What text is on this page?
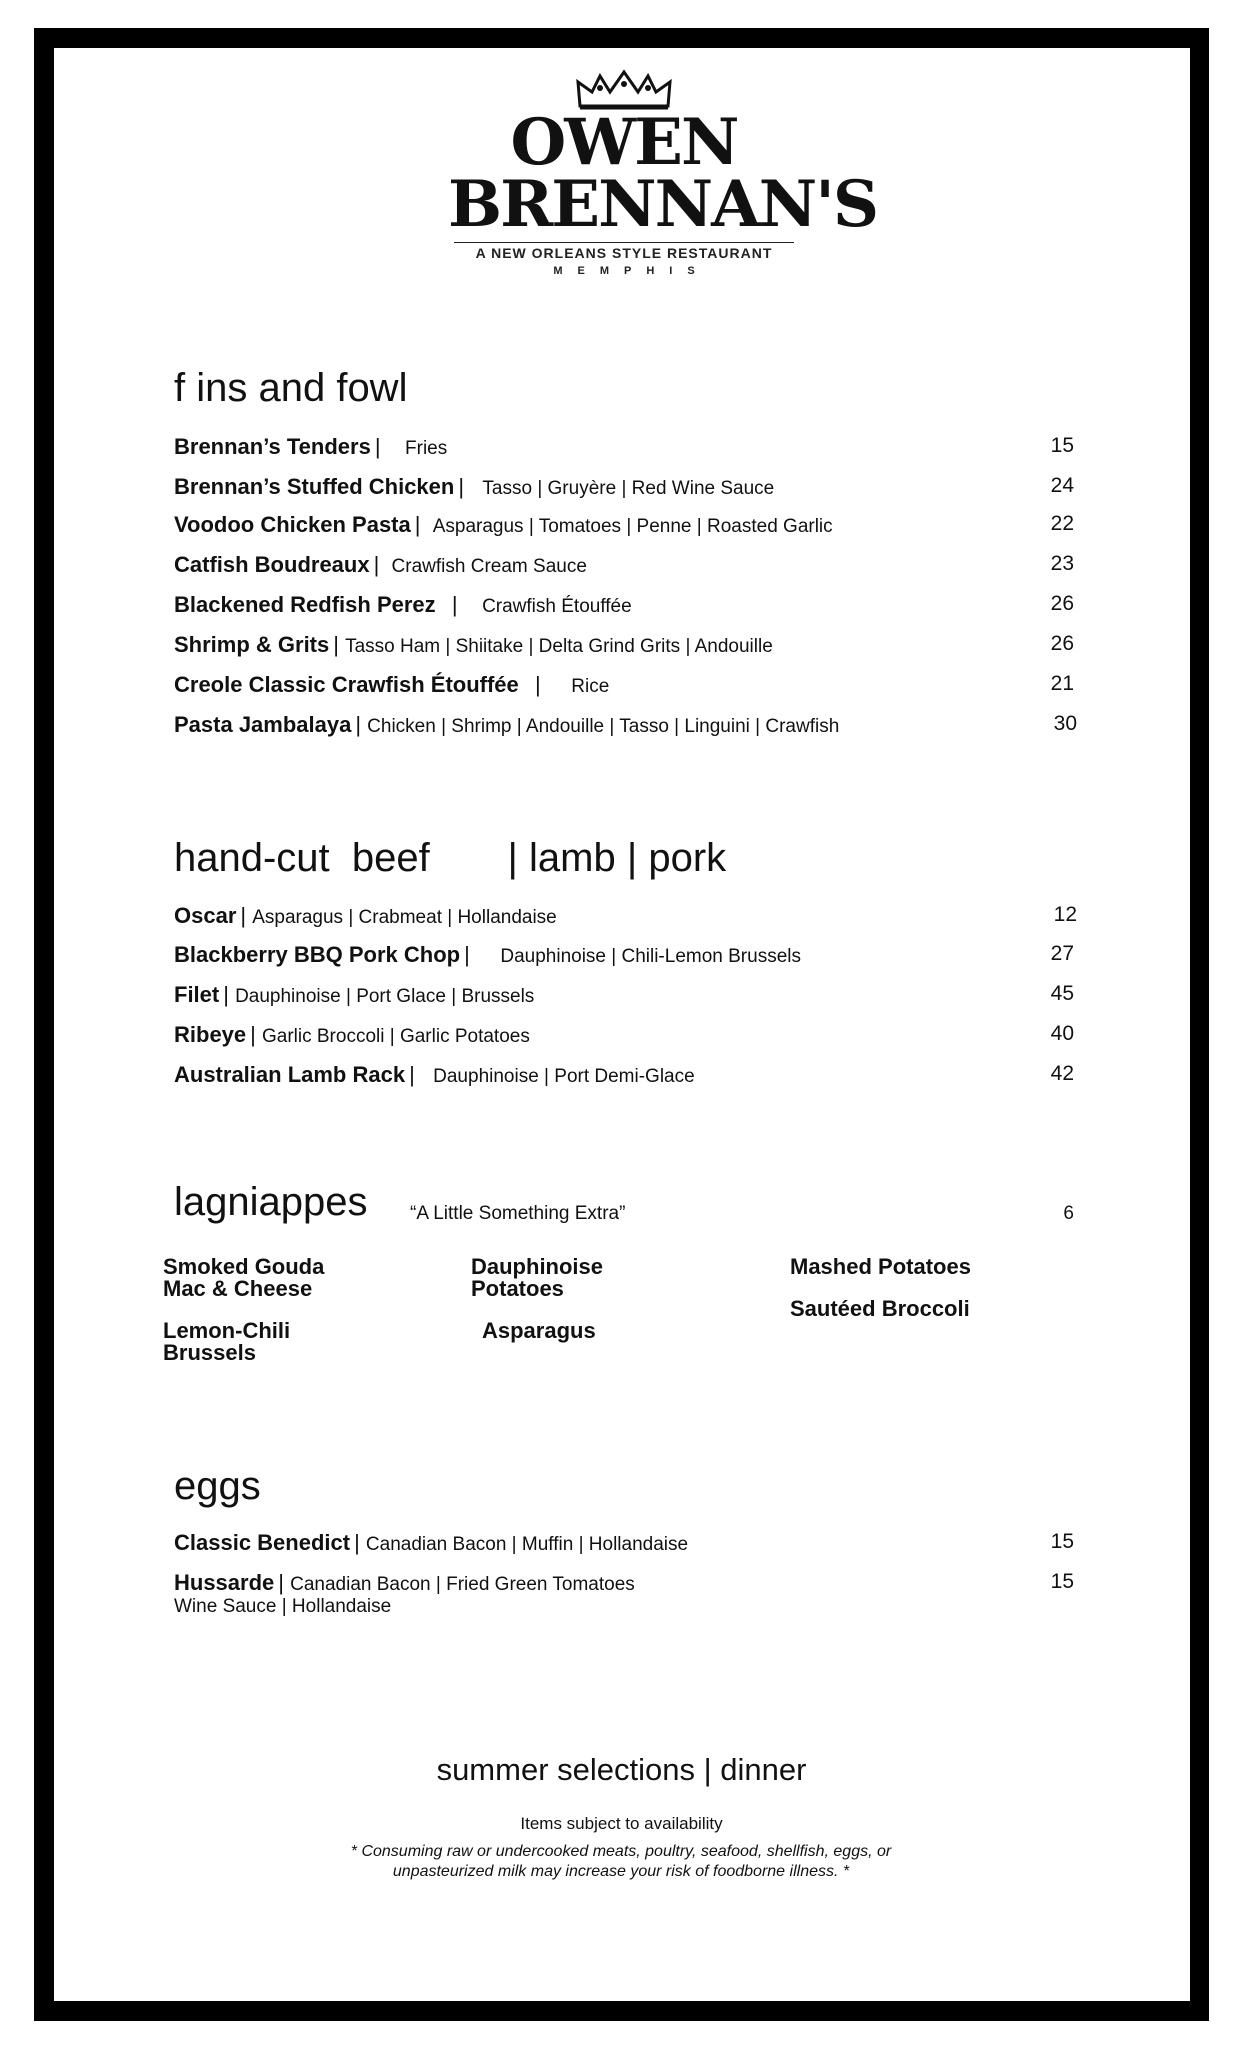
OWEN
BRENNAN'S
A NEW ORLEANS STYLE RESTAURANT
MEMPHIS
f ins and fowl
Brennan’s Tenders |    Fries	15
Brennan’s Stuffed Chicken |   Tasso | Gruyère | Red Wine Sauce	24
Voodoo Chicken Pasta |  Asparagus | Tomatoes | Penne | Roasted Garlic	22
Catfish Boudreaux |  Crawfish Cream Sauce	23
Blackened Redfish Perez   |    Crawfish Étouffée	26
Shrimp & Grits | Tasso Ham | Shiitake | Delta Grind Grits | Andouille	26
Creole Classic Crawfish Étouffée   |     Rice	21
Pasta Jambalaya | Chicken | Shrimp | Andouille | Tasso | Linguini | Crawfish	30
hand-cut  beef       | lamb | pork
Oscar | Asparagus | Crabmeat | Hollandaise	12
Blackberry BBQ Pork Chop |     Dauphinoise | Chili-Lemon Brussels	27
Filet | Dauphinoise | Port Glace | Brussels	45
Ribeye | Garlic Broccoli | Garlic Potatoes	40
Australian Lamb Rack |   Dauphinoise | Port Demi-Glace	42
lagniappes “A Little Something Extra”	6
Smoked Gouda
Mac & Cheese
Dauphinoise
Potatoes
Mashed Potatoes
Lemon-Chili
Brussels
Asparagus
Sautéed Broccoli
eggs
Classic Benedict | Canadian Bacon | Muffin | Hollandaise	15
Hussarde | Canadian Bacon | Fried Green Tomatoes	15
Wine Sauce | Hollandaise
summer selections | dinner
Items subject to availability
* Consuming raw or undercooked meats, poultry, seafood, shellfish, eggs, or unpasteurized milk may increase your risk of foodborne illness. *
